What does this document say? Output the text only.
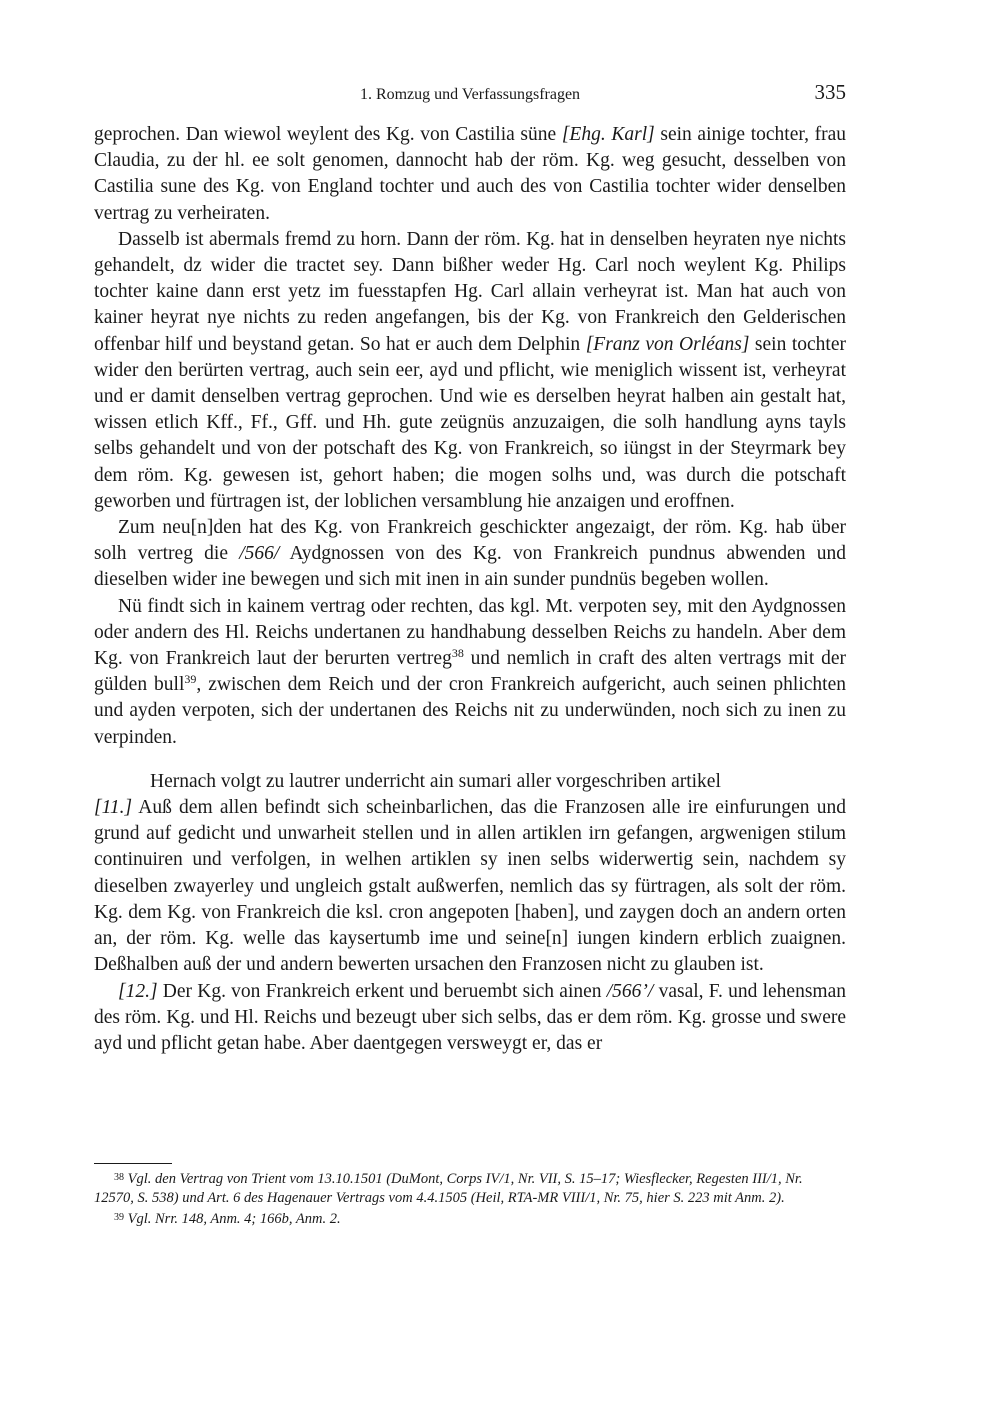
1. Romzug und Verfassungsfragen	335

geprochen. Dan wiewol weylent des Kg. von Castilia süne [Ehg. Karl] sein ainige tochter, frau Claudia, zu der hl. ee solt genomen, dannocht hab der röm. Kg. weg gesucht, desselben von Castilia sune des Kg. von England tochter und auch des von Castilia tochter wider denselben vertrag zu verheiraten.

Dasselb ist abermals fremd zu horn. Dann der röm. Kg. hat in denselben heyraten nye nichts gehandelt, dz wider die tractet sey. Dann bißher weder Hg. Carl noch weylent Kg. Philips tochter kaine dann erst yetz im fuesstapfen Hg. Carl allain verheyrat ist. Man hat auch von kainer heyrat nye nichts zu reden angefangen, bis der Kg. von Frankreich den Gelderischen offenbar hilf und beystand getan. So hat er auch dem Delphin [Franz von Orléans] sein tochter wider den berürten vertrag, auch sein eer, ayd und pflicht, wie meniglich wissent ist, verheyrat und er damit denselben vertrag geprochen. Und wie es derselben heyrat halben ain gestalt hat, wissen etlich Kff., Ff., Gff. und Hh. gute zeügnüs anzuzaigen, die solh handlung ayns tayls selbs gehandelt und von der potschaft des Kg. von Frankreich, so iüngst in der Steyrmark bey dem röm. Kg. gewesen ist, gehort haben; die mogen solhs und, was durch die potschaft geworben und fürtragen ist, der loblichen versamblung hie anzaigen und eroffnen.

Zum neu[n]den hat des Kg. von Frankreich geschickter angezaigt, der röm. Kg. hab über solh vertreg die /566/ Aydgnossen von des Kg. von Frankreich pundnus abwenden und dieselben wider ine bewegen und sich mit inen in ain sunder pundnüs begeben wollen.

Nü findt sich in kainem vertrag oder rechten, das kgl. Mt. verpoten sey, mit den Aydgnossen oder andern des Hl. Reichs undertanen zu handhabung desselben Reichs zu handeln. Aber dem Kg. von Frankreich laut der berurten vertreg$^{38}$ und nemlich in craft des alten vertrags mit der gülden bull$^{39}$, zwischen dem Reich und der cron Frankreich aufgericht, auch seinen phlichten und ayden verpoten, sich der undertanen des Reichs nit zu underwünden, noch sich zu inen zu verpinden.

Hernach volgt zu lautrer underricht ain sumari aller vorgeschriben artikel

[11.] Auß dem allen befindt sich scheinbarlichen, das die Franzosen alle ire einfurungen und grund auf gedicht und unwarheit stellen und in allen artiklen irn gefangen, argwenigen stilum continuiren und verfolgen, in welhen artiklen sy inen selbs widerwertig sein, nachdem sy dieselben zwayerley und ungleich gstalt außwerfen, nemlich das sy fürtragen, als solt der röm. Kg. dem Kg. von Frankreich die ksl. cron angepoten [haben], und zaygen doch an andern orten an, der röm. Kg. welle das kaysertumb ime und seine[n] iungen kindern erblich zuaignen. Deßhalben auß der und andern bewerten ursachen den Franzosen nicht zu glauben ist.

[12.] Der Kg. von Frankreich erkent und beruembt sich ainen /566’/ vasal, F. und lehensman des röm. Kg. und Hl. Reichs und bezeugt uber sich selbs, das er dem röm. Kg. grosse und swere ayd und pflicht getan habe. Aber daentgegen versweygt er, das er

$^{38}$ Vgl. den Vertrag von Trient vom 13.10.1501 (DuMont, Corps IV/1, Nr. VII, S. 15–17; Wiesflecker, Regesten III/1, Nr. 12570, S. 538) und Art. 6 des Hagenauer Vertrags vom 4.4.1505 (Heil, RTA-MR VIII/1, Nr. 75, hier S. 223 mit Anm. 2).

$^{39}$ Vgl. Nrr. 148, Anm. 4; 166b, Anm. 2.
